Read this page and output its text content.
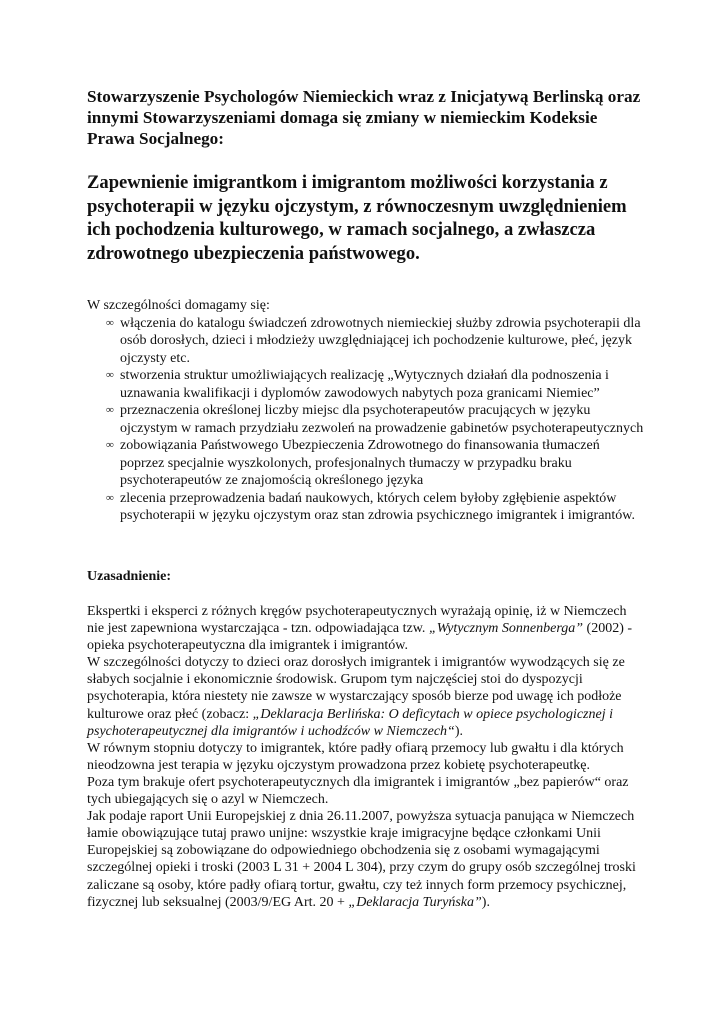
Stowarzyszenie Psychologów Niemieckich wraz z Inicjatywą Berlinską oraz innymi Stowarzyszeniami domaga się zmiany w niemieckim Kodeksie Prawa Socjalnego:

Zapewnienie imigrantkom i imigrantom możliwości korzystania z psychoterapii w języku ojczystym, z równoczesnym uwzględnieniem ich pochodzenia kulturowego, w ramach socjalnego, a zwłaszcza zdrowotnego ubezpieczenia państwowego.

W szczególności domagamy się:

∞ włączenia do katalogu świadczeń zdrowotnych niemieckiej służby zdrowia psychoterapii dla osób dorosłych, dzieci i młodzieży uwzględniającej ich pochodzenie kulturowe, płeć, język ojczysty etc.
∞ stworzenia struktur umożliwiających realizację „Wytycznych działań dla podnoszenia i uznawania kwalifikacji i dyplomów zawodowych nabytych poza granicami Niemiec”
∞ przeznaczenia określonej liczby miejsc dla psychoterapeutów pracujących w języku ojczystym w ramach przydziału zezwoleń na prowadzenie gabinetów psychoterapeutycznych
∞ zobowiązania Państwowego Ubezpieczenia Zdrowotnego do finansowania tłumaczeń poprzez specjalnie wyszkolonych, profesjonalnych tłumaczy w przypadku braku psychoterapeutów ze znajomością określonego języka
∞ zlecenia przeprowadzenia badań naukowych, których celem byłoby zgłębienie aspektów psychoterapii w języku ojczystym oraz stan zdrowia psychicznego imigrantek i imigrantów.

Uzasadnienie:

Ekspertki i eksperci z różnych kręgów psychoterapeutycznych wyrażają opinię, iż w Niemczech nie jest zapewniona wystarczająca - tzn. odpowiadająca tzw. „Wytycznym Sonnenberga” (2002) - opieka psychoterapeutyczna dla imigrantek i imigrantów.

W szczególności dotyczy to dzieci oraz dorosłych imigrantek i imigrantów wywodzących się ze słabych socjalnie i ekonomicznie środowisk. Grupom tym najczęściej stoi do dyspozycji psychoterapia, która niestety nie zawsze w wystarczający sposób bierze pod uwagę ich podłoże kulturowe oraz płeć (zobacz: „Deklaracja Berlińska: O deficytach w opiece psychologicznej i psychoterapeutycznej dla imigrantów i uchodźców w Niemczech“).

W równym stopniu dotyczy to imigrantek, które padły ofiarą przemocy lub gwałtu i dla których nieodzowna jest terapia w języku ojczystym prowadzona przez kobietę psychoterapeutkę.

Poza tym brakuje ofert psychoterapeutycznych dla imigrantek i imigrantów „bez papierów“ oraz tych ubiegających się o azyl w Niemczech.

Jak podaje raport Unii Europejskiej z dnia 26.11.2007, powyższa sytuacja panująca w Niemczech łamie obowiązujące tutaj prawo unijne: wszystkie kraje imigracyjne będące członkami Unii Europejskiej są zobowiązane do odpowiedniego obchodzenia się z osobami wymagającymi szczególnej opieki i troski (2003 L 31 + 2004 L 304), przy czym do grupy osób szczególnej troski zaliczane są osoby, które padły ofiarą tortur, gwałtu, czy też innych form przemocy psychicznej, fizycznej lub seksualnej (2003/9/EG Art. 20 + „Deklaracja Turyńska”).
